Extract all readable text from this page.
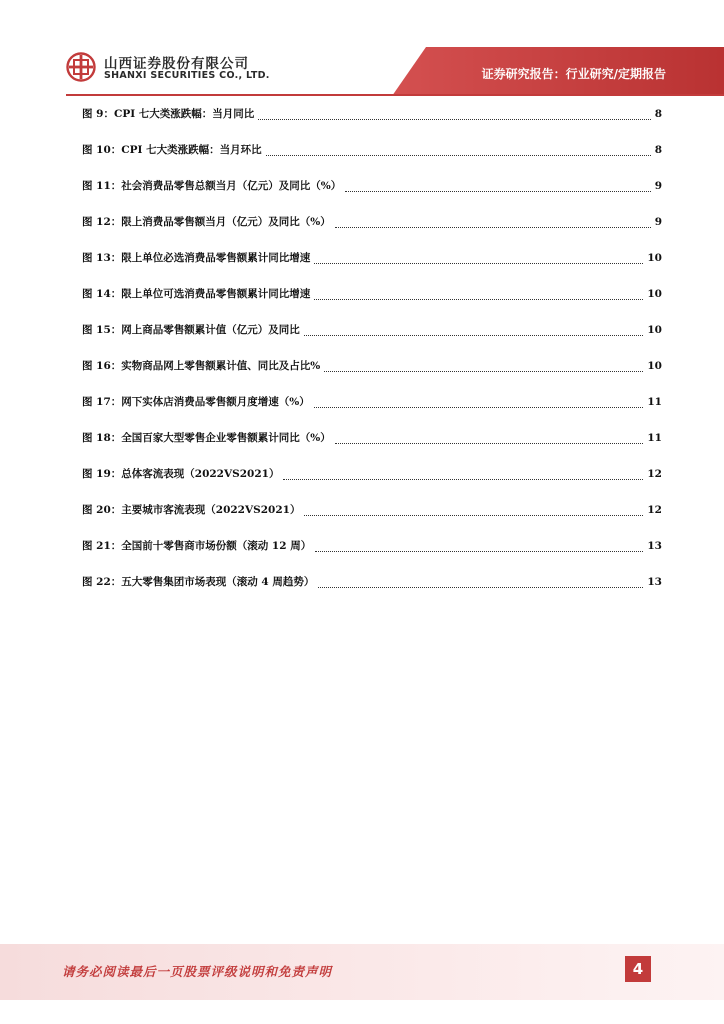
山西证券股份有限公司
SHANXI SECURITIES CO., LTD.	证券研究报告：行业研究/定期报告
图 9：CPI 七大类涨跌幅：当月同比	8
图 10：CPI 七大类涨跌幅：当月环比	8
图 11：社会消费品零售总额当月（亿元）及同比（%）	9
图 12：限上消费品零售额当月（亿元）及同比（%）	9
图 13：限上单位必选消费品零售额累计同比增速	10
图 14：限上单位可选消费品零售额累计同比增速	10
图 15：网上商品零售额累计值（亿元）及同比	10
图 16：实物商品网上零售额累计值、同比及占比%	10
图 17：网下实体店消费品零售额月度增速（%）	11
图 18：全国百家大型零售企业零售额累计同比（%）	11
图 19：总体客流表现（2022VS2021）	12
图 20：主要城市客流表现（2022VS2021）	12
图 21：全国前十零售商市场份额（滚动 12 周）	13
图 22：五大零售集团市场表现（滚动 4 周趋势）	13
请务必阅读最后一页股票评级说明和免责声明	4
